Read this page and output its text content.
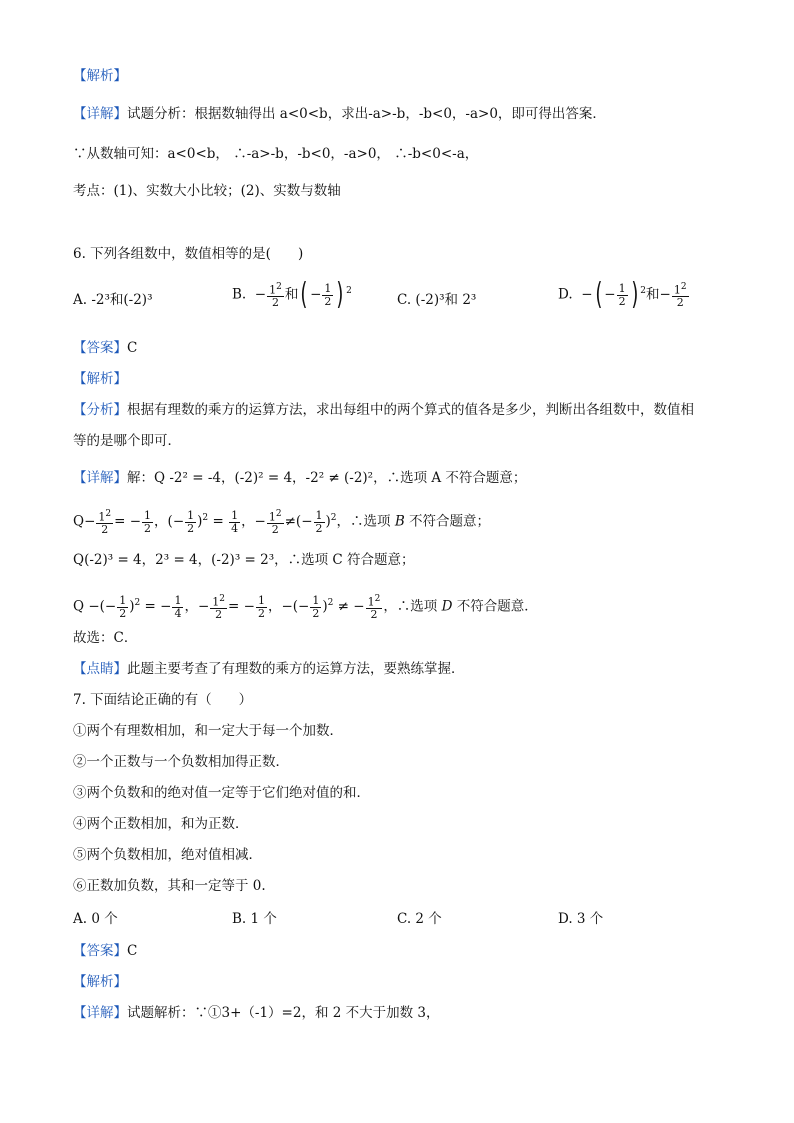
【解析】
【详解】试题分析：根据数轴得出 a<0<b，求出-a>-b，-b<0，-a>0，即可得出答案．
∵从数轴可知：a<0<b， ∴-a>-b，-b<0，-a>0， ∴-b<0<-a，
考点：(1)、实数大小比较；(2)、实数与数轴
6. 下列各组数中，数值相等的是(　　)
A. -2³和(-2)³	B.  − $\frac{1^2}{2}$ 和( − $\frac{1}{2}$ ) $^2$
C. (-2)³和 2³	D.  −( − $\frac{1}{2}$ ) $^2$和− $\frac{1^2}{2}$
【答案】C
【解析】
【分析】根据有理数的乘方的运算方法，求出每组中的两个算式的值各是多少，判断出各组数中，数值相
等的是哪个即可．
【详解】解：Q -2² = -4，(-2)² = 4，-2² ≠ (-2)²，∴选项 A 不符合题意；
$Q- \frac{1^2}{2}$ = − $\frac{1}{2}$ ，(− $\frac{1}{2} )^2 = \frac{1}{4}$ ，− $\frac{1^2}{2}$ ≠(− $\frac{1}{2} )^2$，∴选项 B 不符合题意；
Q(-2)³ = 4，2³ = 4，(-2)³ = 2³，∴选项 C 符合题意；
Q −(− $\frac{1}{2} )^2$ = − $\frac{1}{4}$ ，− $\frac{1^2}{2}$ = − $\frac{1}{2}$ ，−(− $\frac{1}{2} )^2$ ≠ − $\frac{1^2}{2}$ ，∴选项 D 不符合题意．
故选：C．
【点睛】此题主要考查了有理数的乘方的运算方法，要熟练掌握．
7. 下面结论正确的有（　　）
①两个有理数相加，和一定大于每一个加数．
②一个正数与一个负数相加得正数．
③两个负数和的绝对值一定等于它们绝对值的和．
④两个正数相加，和为正数．
⑤两个负数相加，绝对值相减．
⑥正数加负数，其和一定等于 0.
A. 0 个	B. 1 个	C. 2 个	D. 3 个
【答案】C
【解析】
【详解】试题解析：∵①3+（-1）=2，和 2 不大于加数 3，
